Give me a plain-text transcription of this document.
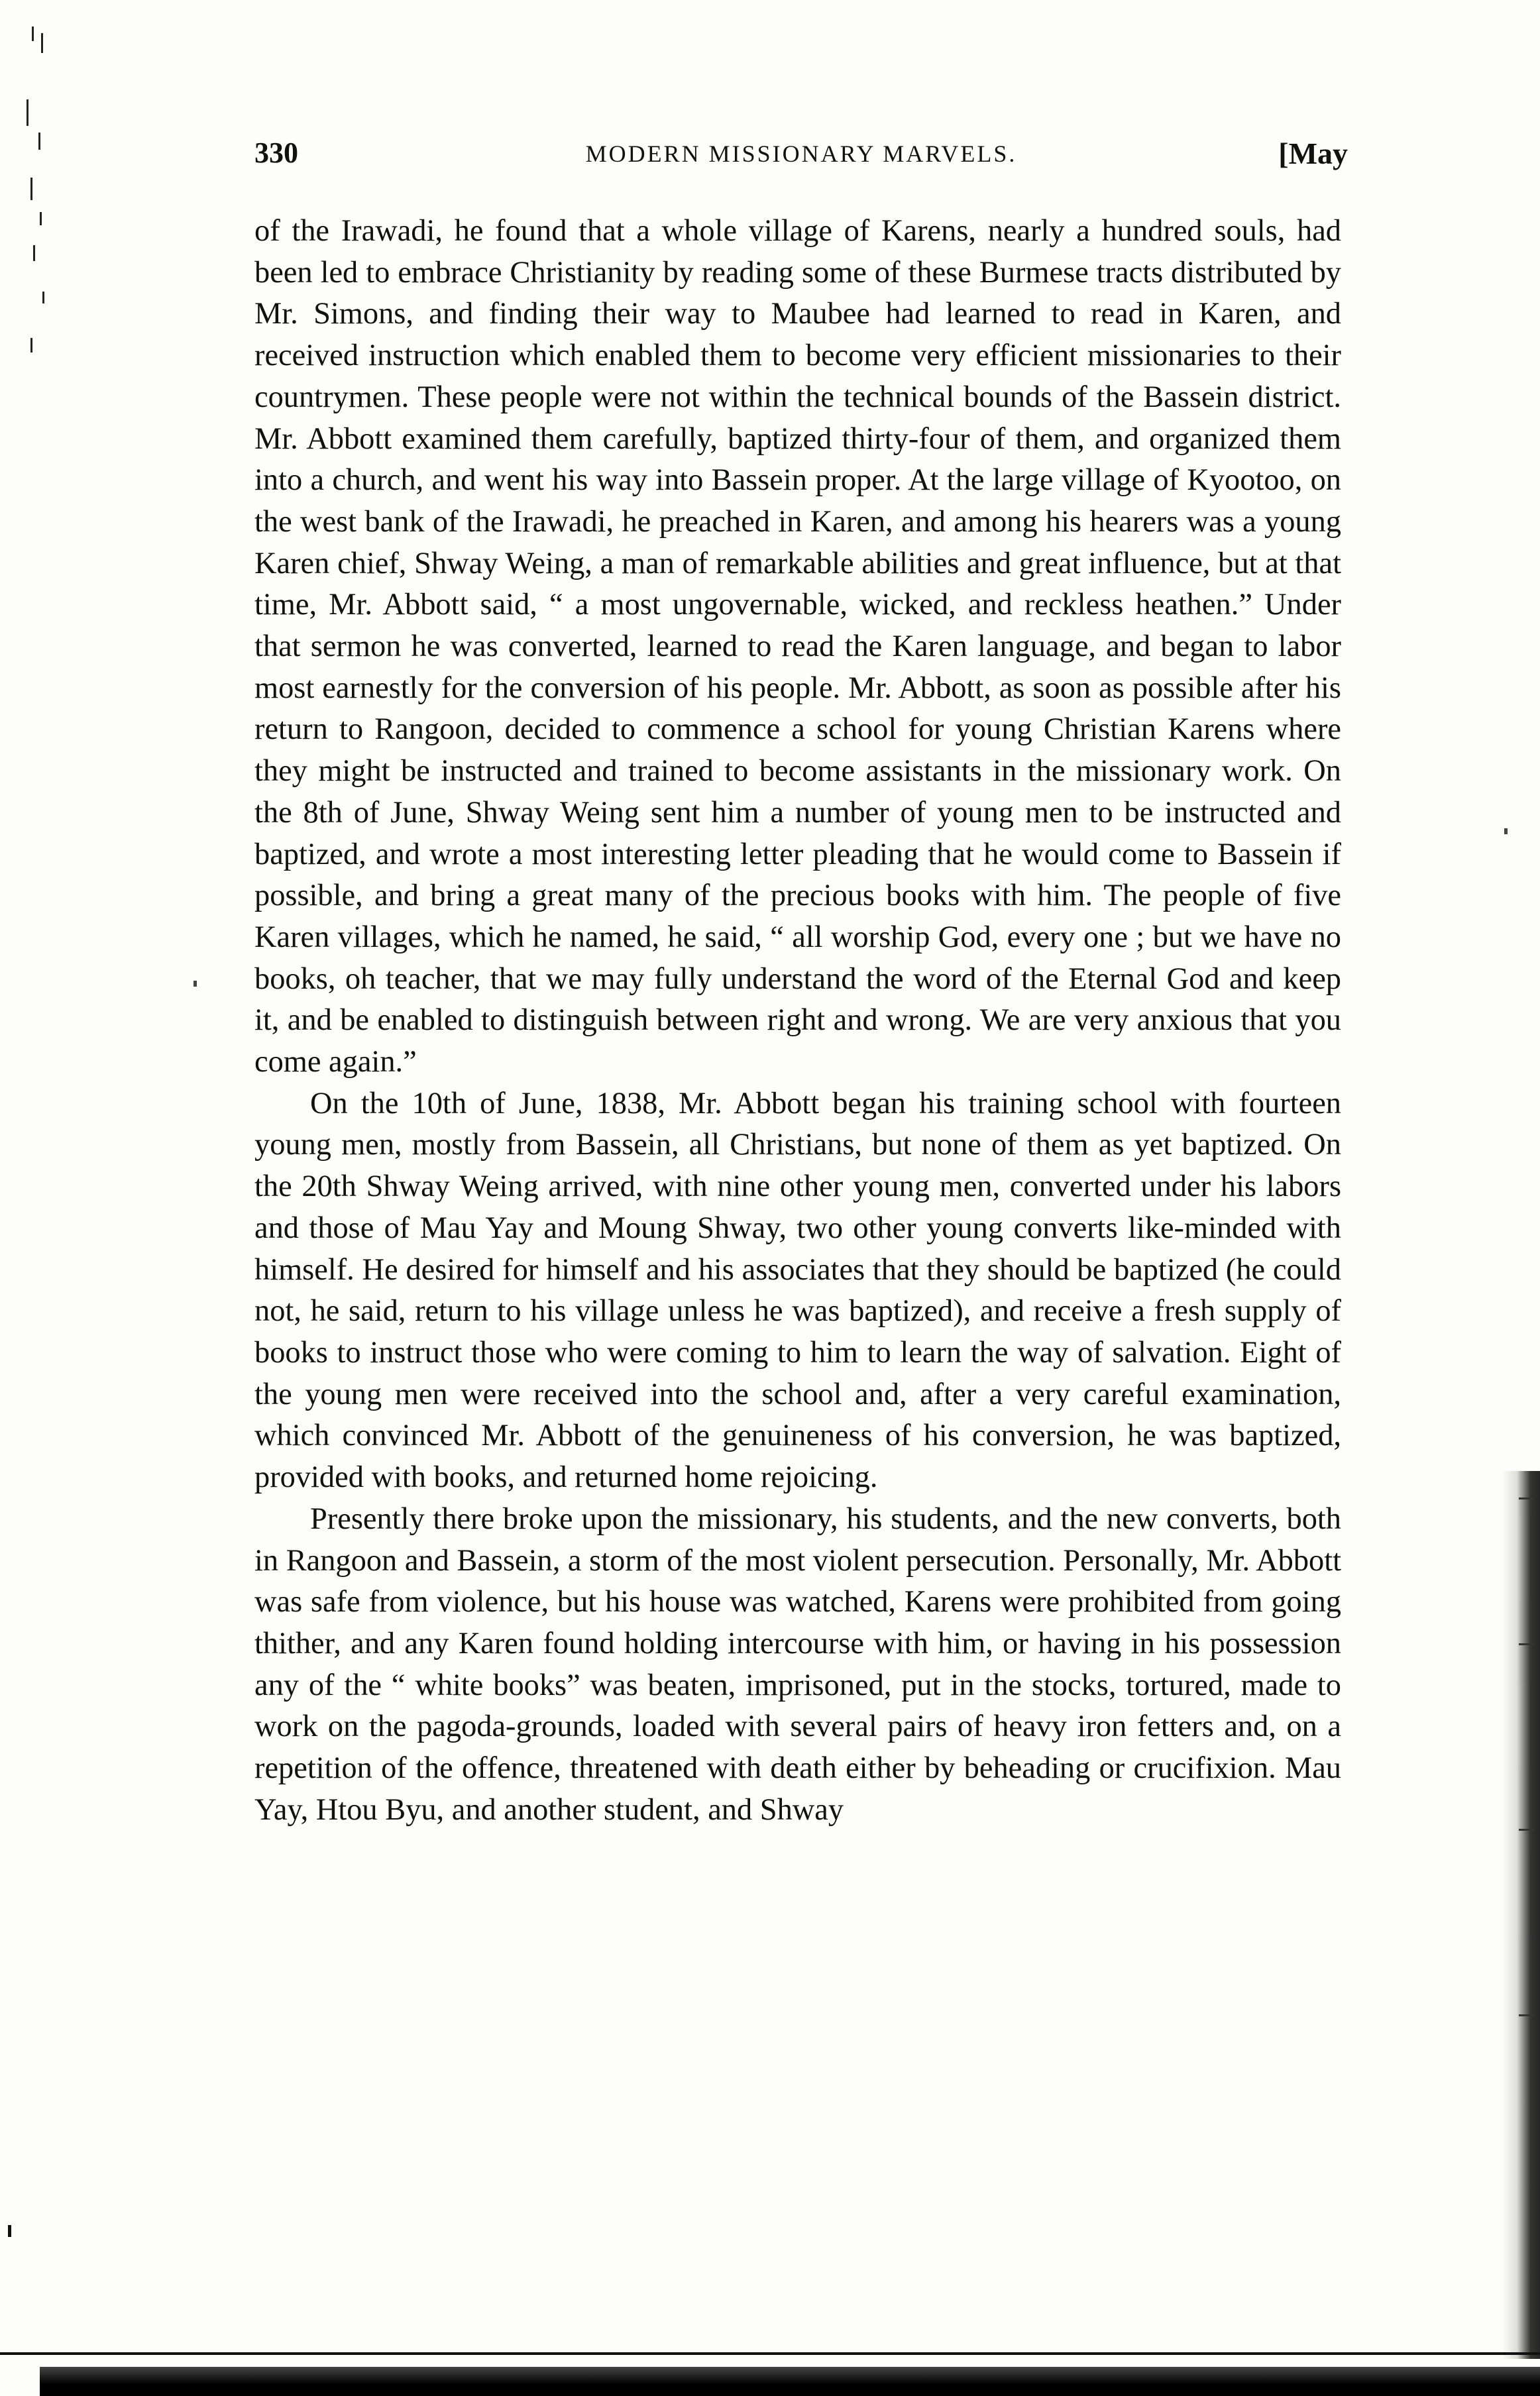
330	MODERN MISSIONARY MARVELS.	[May

of the Irawadi, he found that a whole village of Karens, nearly a hundred souls, had been led to embrace Christianity by reading some of these Burmese tracts distributed by Mr. Simons, and finding their way to Maubee had learned to read in Karen, and received instruction which enabled them to become very efficient missionaries to their countrymen. These people were not within the technical bounds of the Bassein district. Mr. Abbott examined them carefully, baptized thirty-four of them, and organized them into a church, and went his way into Bassein proper. At the large village of Kyootoo, on the west bank of the Irawadi, he preached in Karen, and among his hearers was a young Karen chief, Shway Weing, a man of remarkable abilities and great influence, but at that time, Mr. Abbott said, “ a most ungovernable, wicked, and reckless heathen.” Under that sermon he was converted, learned to read the Karen language, and began to labor most earnestly for the conversion of his people. Mr. Abbott, as soon as possible after his return to Rangoon, decided to commence a school for young Christian Karens where they might be instructed and trained to become assistants in the missionary work. On the 8th of June, Shway Weing sent him a number of young men to be instructed and baptized, and wrote a most interesting letter pleading that he would come to Bassein if possible, and bring a great many of the precious books with him. The people of five Karen villages, which he named, he said, “ all worship God, every one ; but we have no books, oh teacher, that we may fully understand the word of the Eternal God and keep it, and be enabled to distinguish between right and wrong. We are very anxious that you come again.”

On the 10th of June, 1838, Mr. Abbott began his training school with fourteen young men, mostly from Bassein, all Christians, but none of them as yet baptized. On the 20th Shway Weing arrived, with nine other young men, converted under his labors and those of Mau Yay and Moung Shway, two other young converts like-minded with himself. He desired for himself and his associates that they should be baptized (he could not, he said, return to his village unless he was baptized), and receive a fresh supply of books to instruct those who were coming to him to learn the way of salvation. Eight of the young men were received into the school and, after a very careful examination, which convinced Mr. Abbott of the genuineness of his conversion, he was baptized, provided with books, and returned home rejoicing.

Presently there broke upon the missionary, his students, and the new converts, both in Rangoon and Bassein, a storm of the most violent persecution. Personally, Mr. Abbott was safe from violence, but his house was watched, Karens were prohibited from going thither, and any Karen found holding intercourse with him, or having in his possession any of the “ white books” was beaten, imprisoned, put in the stocks, tortured, made to work on the pagoda-grounds, loaded with several pairs of heavy iron fetters and, on a repetition of the offence, threatened with death either by beheading or crucifixion. Mau Yay, Htou Byu, and another student, and Shway
